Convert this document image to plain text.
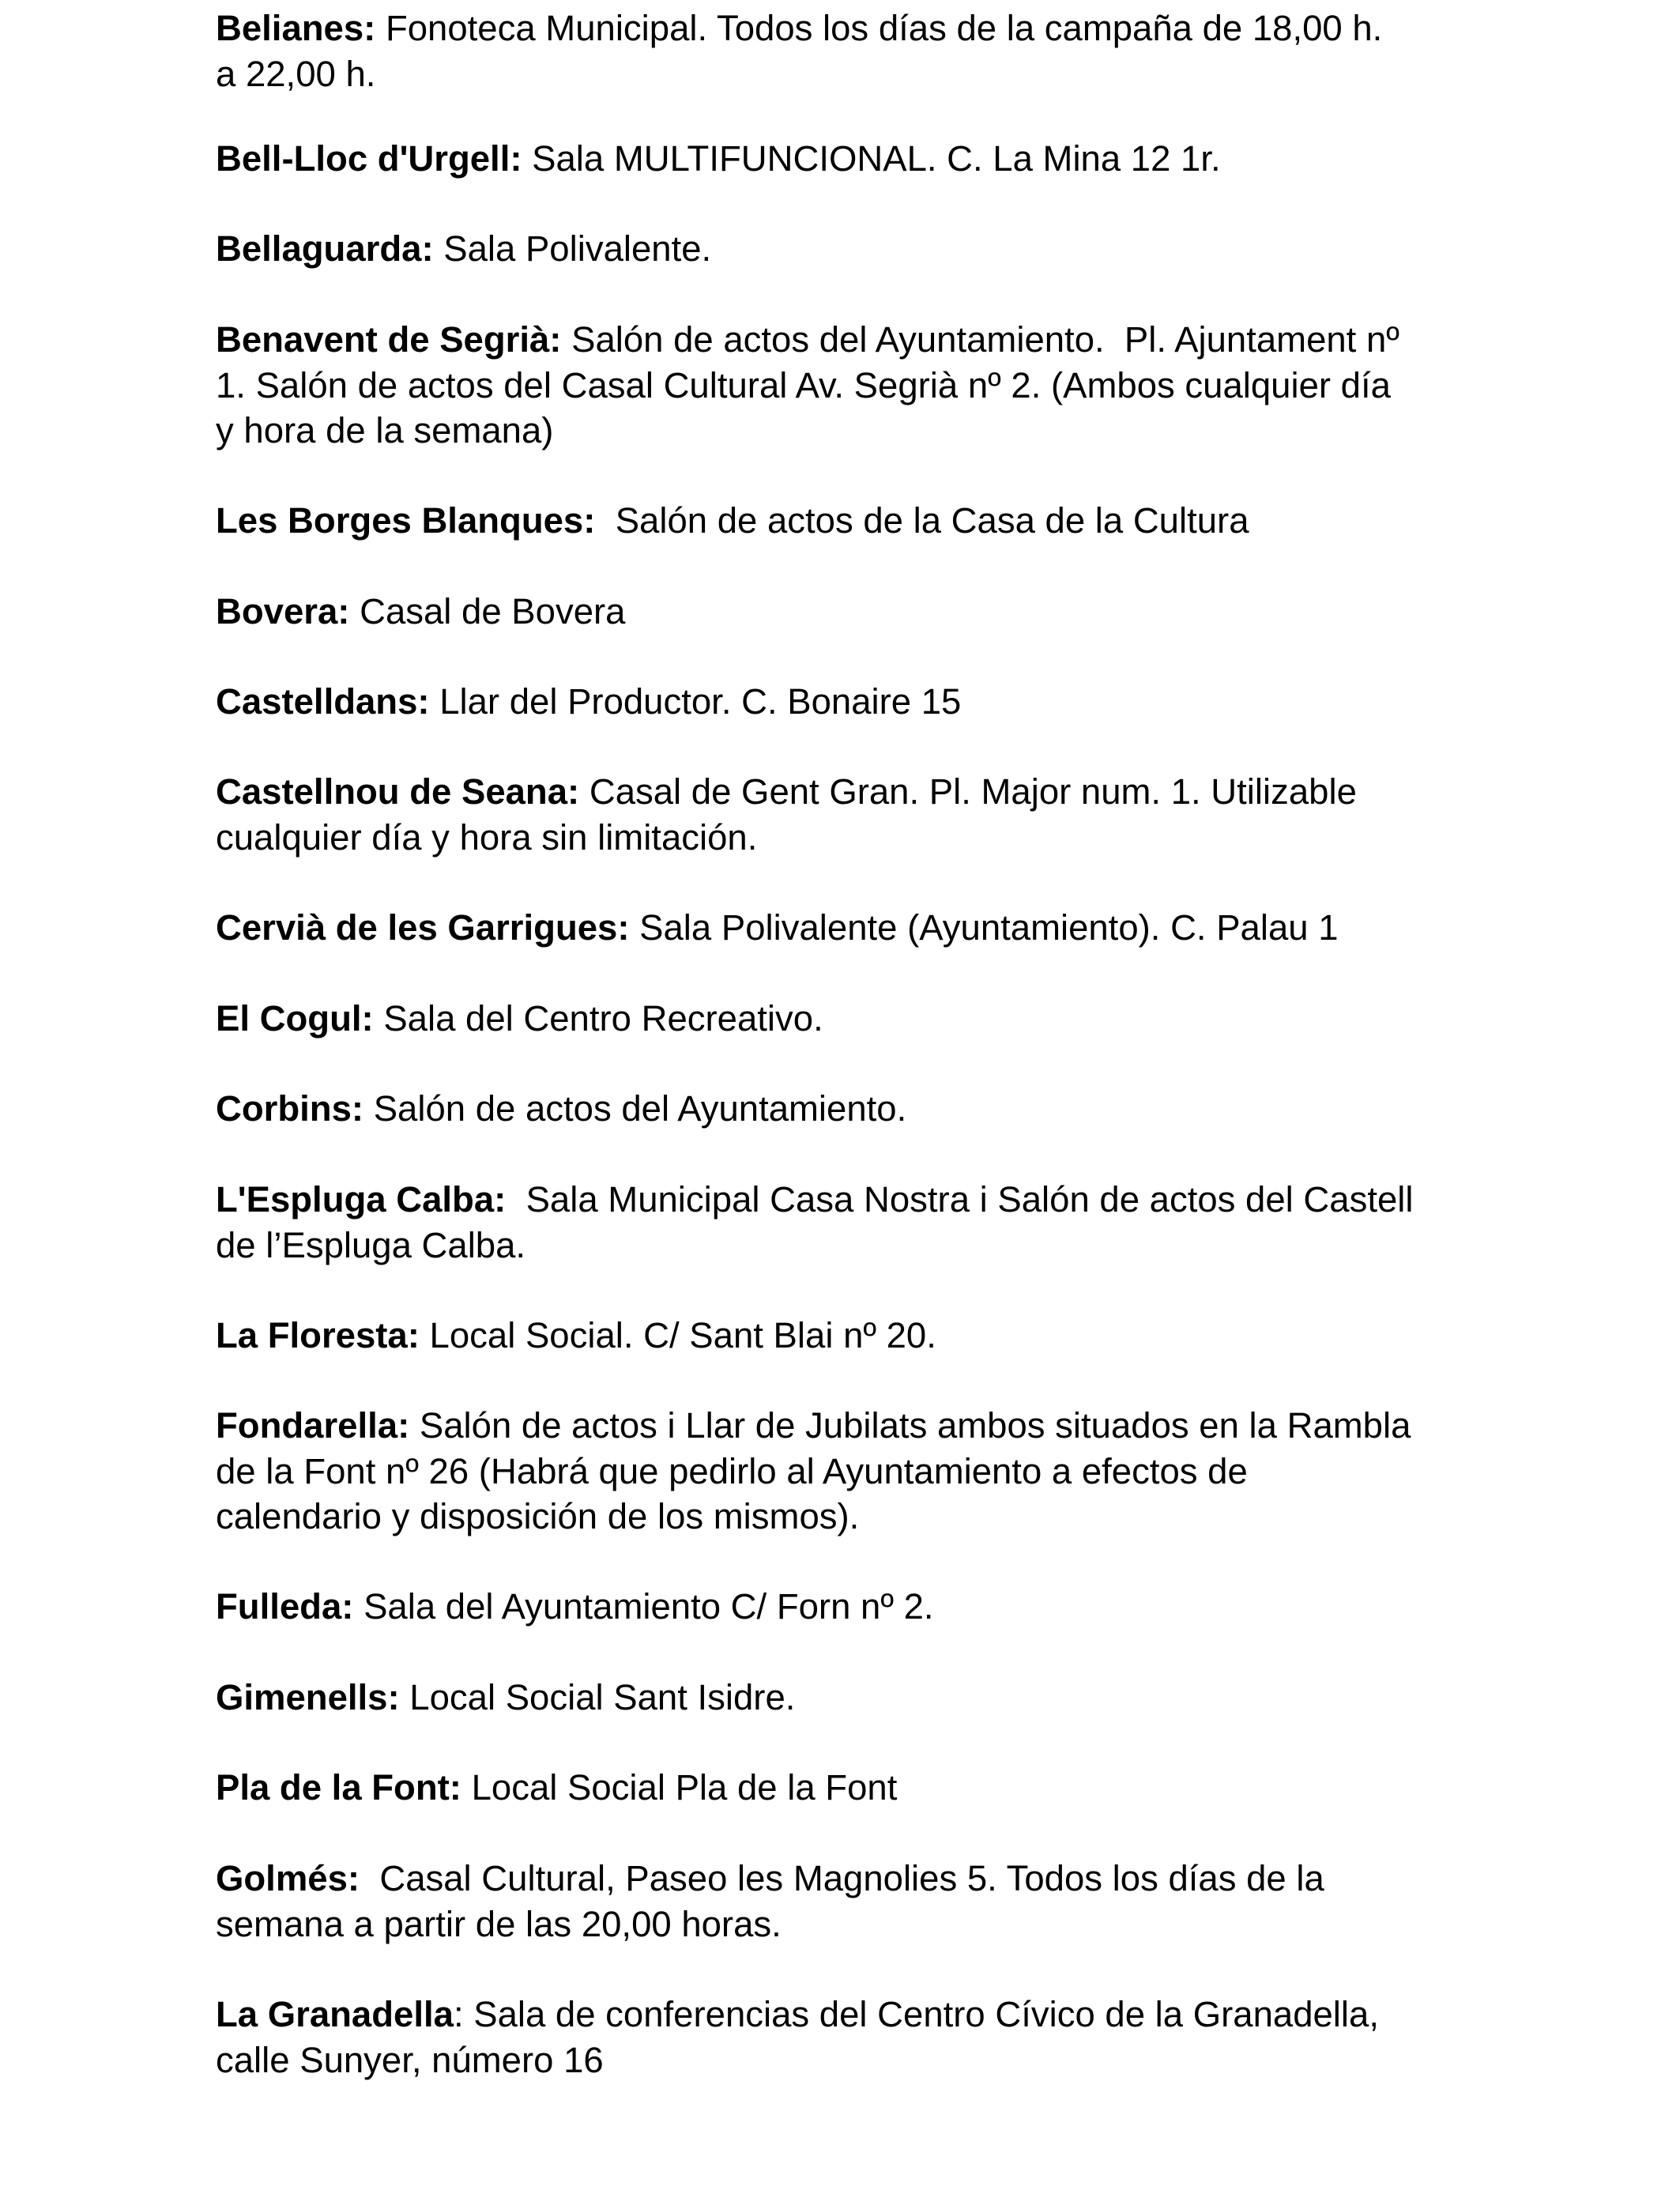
Belianes: Fonoteca Municipal. Todos los días de la campaña de 18,00 h.
a 22,00 h.
Bell-Lloc d'Urgell: Sala MULTIFUNCIONAL. C. La Mina 12 1r.
Bellaguarda: Sala Polivalente.
Benavent de Segrià: Salón de actos del Ayuntamiento.  Pl. Ajuntament nº
1. Salón de actos del Casal Cultural Av. Segrià nº 2. (Ambos cualquier día
y hora de la semana)
Les Borges Blanques:  Salón de actos de la Casa de la Cultura
Bovera: Casal de Bovera
Castelldans: Llar del Productor. C. Bonaire 15
Castellnou de Seana: Casal de Gent Gran. Pl. Major num. 1. Utilizable
cualquier día y hora sin limitación.
Cervià de les Garrigues: Sala Polivalente (Ayuntamiento). C. Palau 1
El Cogul: Sala del Centro Recreativo.
Corbins: Salón de actos del Ayuntamiento.
L'Espluga Calba:  Sala Municipal Casa Nostra i Salón de actos del Castell
de l’Espluga Calba.
La Floresta: Local Social. C/ Sant Blai nº 20.
Fondarella: Salón de actos i Llar de Jubilats ambos situados en la Rambla
de la Font nº 26 (Habrá que pedirlo al Ayuntamiento a efectos de
calendario y disposición de los mismos).
Fulleda: Sala del Ayuntamiento C/ Forn nº 2.
Gimenells: Local Social Sant Isidre.
Pla de la Font: Local Social Pla de la Font
Golmés:  Casal Cultural, Paseo les Magnolies 5. Todos los días de la
semana a partir de las 20,00 horas.
La Granadella: Sala de conferencias del Centro Cívico de la Granadella,
calle Sunyer, número 16
